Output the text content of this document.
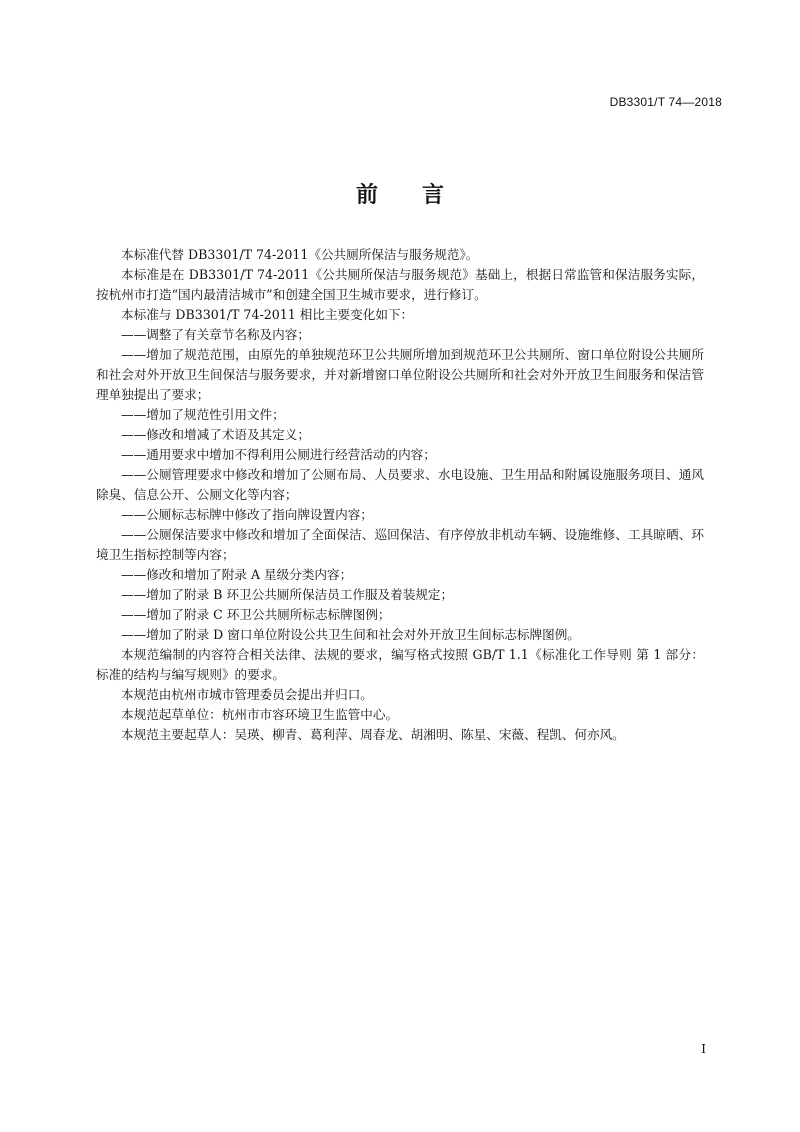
DB3301/T 74—2018
前 言

本标准代替 DB3301/T 74-2011《公共厕所保洁与服务规范》。

本标准是在 DB3301/T 74-2011《公共厕所保洁与服务规范》基础上，根据日常监管和保洁服务实际，按杭州市打造“国内最清洁城市”和创建全国卫生城市要求，进行修订。

本标准与 DB3301/T 74-2011 相比主要变化如下：

——调整了有关章节名称及内容；

——增加了规范范围，由原先的单独规范环卫公共厕所增加到规范环卫公共厕所、窗口单位附设公共厕所和社会对外开放卫生间保洁与服务要求，并对新增窗口单位附设公共厕所和社会对外开放卫生间服务和保洁管理单独提出了要求；

——增加了规范性引用文件；

——修改和增减了术语及其定义；

——通用要求中增加不得利用公厕进行经营活动的内容；

——公厕管理要求中修改和增加了公厕布局、人员要求、水电设施、卫生用品和附属设施服务项目、通风除臭、信息公开、公厕文化等内容；

——公厕标志标牌中修改了指向牌设置内容；

——公厕保洁要求中修改和增加了全面保洁、巡回保洁、有序停放非机动车辆、设施维修、工具晾晒、环境卫生指标控制等内容；

——修改和增加了附录 A 星级分类内容；

——增加了附录 B 环卫公共厕所保洁员工作服及着装规定；

——增加了附录 C 环卫公共厕所标志标牌图例；

——增加了附录 D 窗口单位附设公共卫生间和社会对外开放卫生间标志标牌图例。

本规范编制的内容符合相关法律、法规的要求，编写格式按照 GB/T 1.1《标准化工作导则 第 1 部分：标准的结构与编写规则》的要求。

本规范由杭州市城市管理委员会提出并归口。

本规范起草单位：杭州市市容环境卫生监管中心。

本规范主要起草人：吴瑛、柳青、葛利萍、周春龙、胡湘明、陈星、宋薇、程凯、何亦风。

I
